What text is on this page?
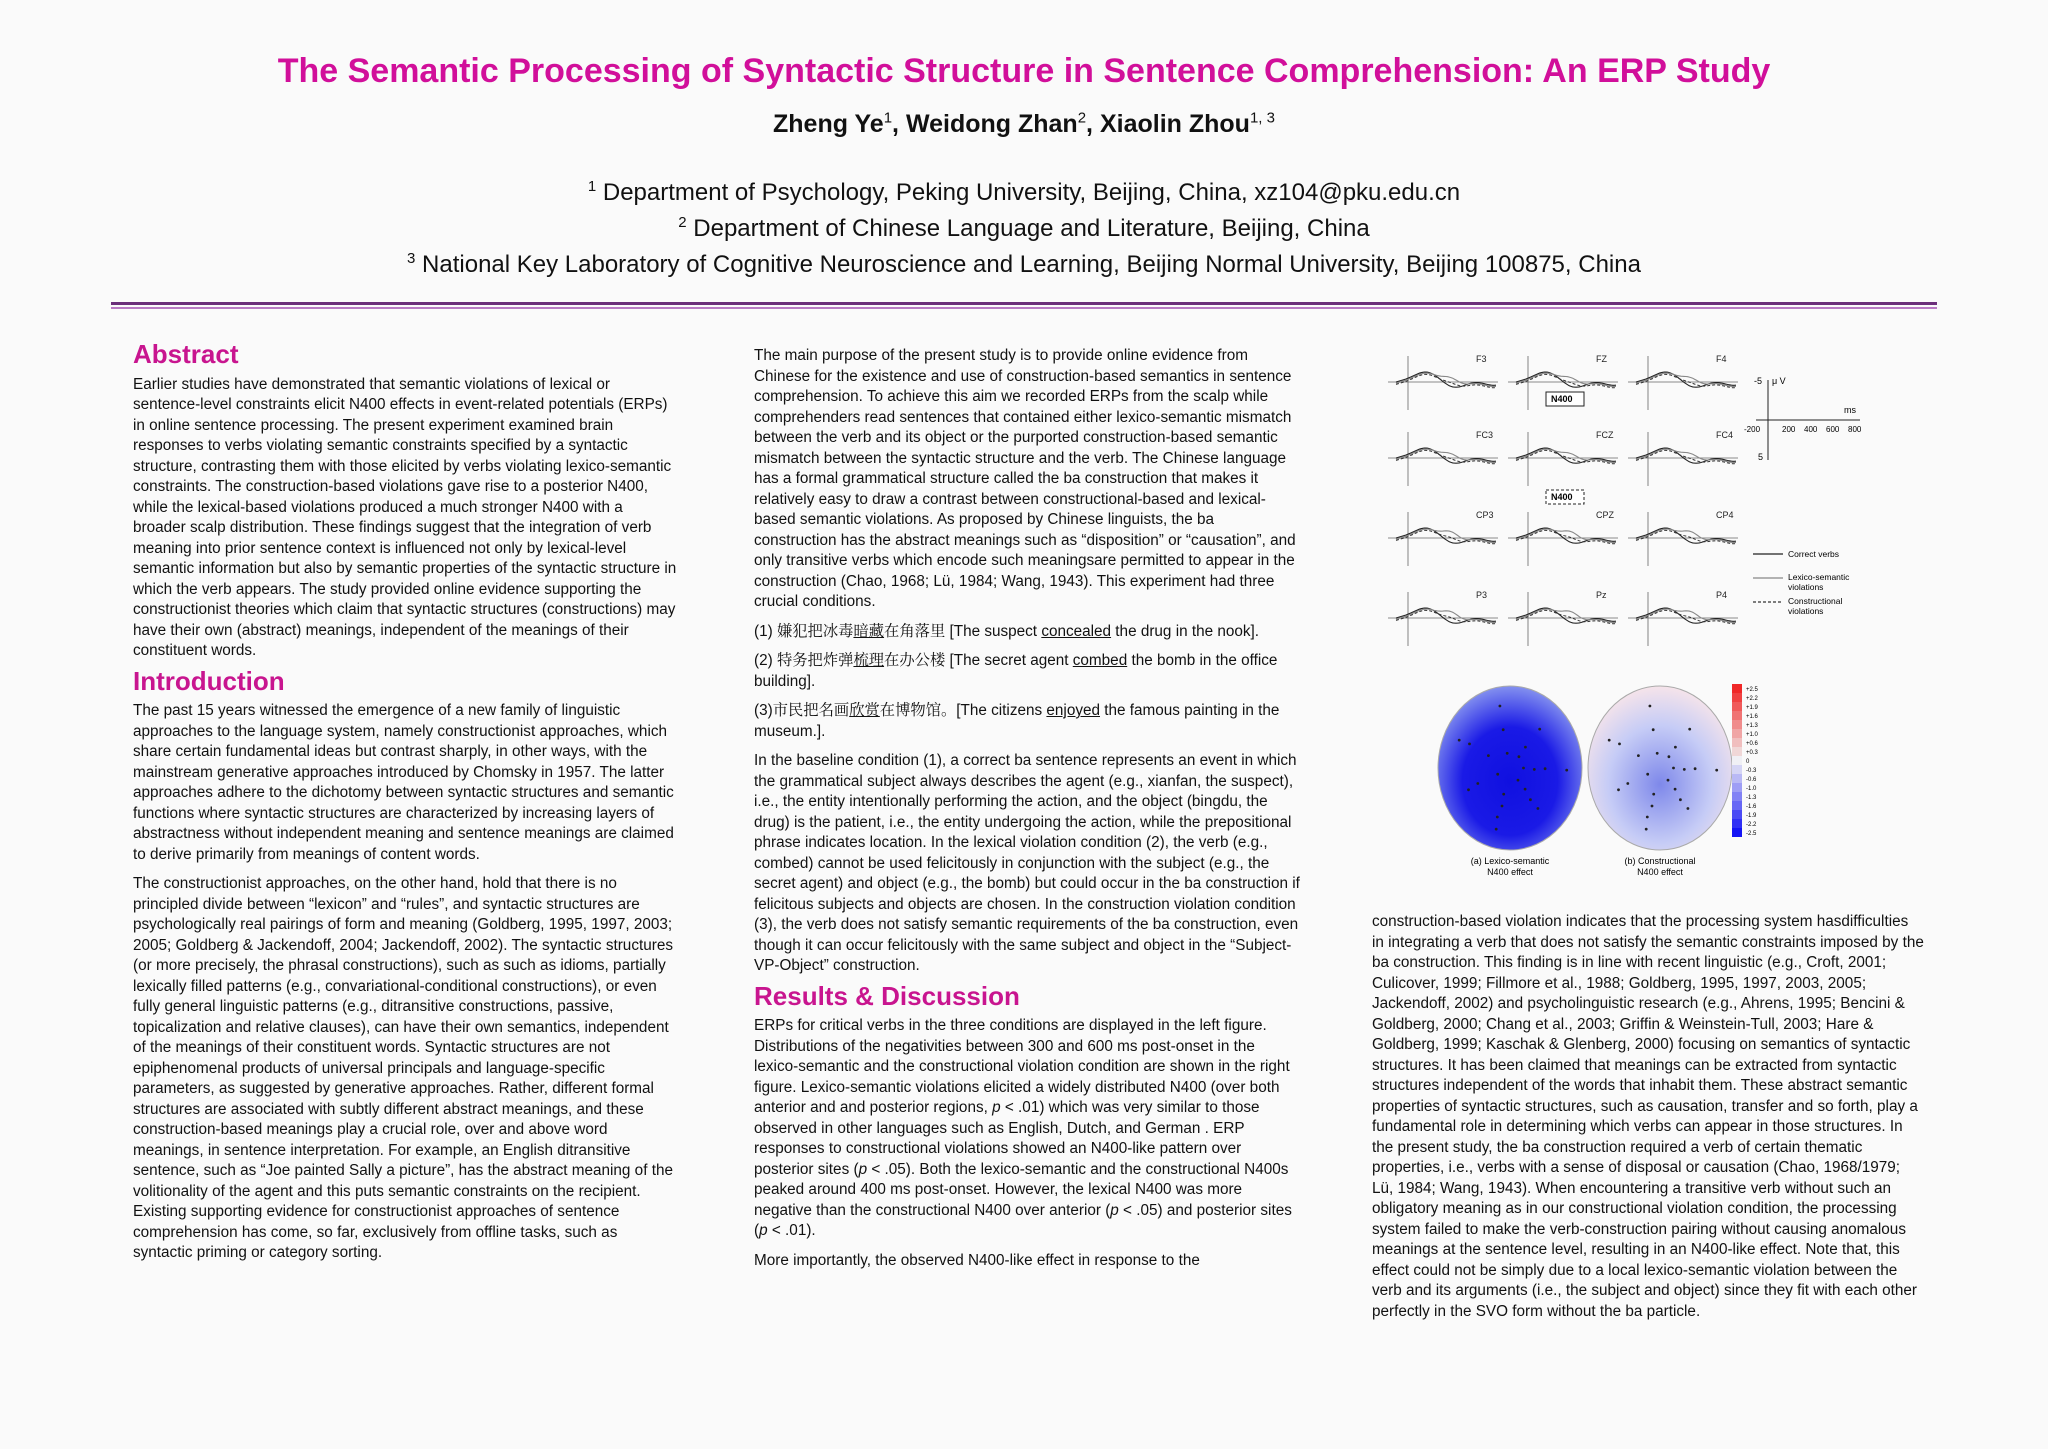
The Semantic Processing of Syntactic Structure in Sentence Comprehension: An ERP Study
Zheng Ye$^1$, Weidong Zhan$^2$, Xiaolin Zhou$^{1, 3}$
$^1$ Department of Psychology, Peking University, Beijing, China, xz104@pku.edu.cn
$^2$ Department of Chinese Language and Literature, Beijing, China
$^3$ National Key Laboratory of Cognitive Neuroscience and Learning, Beijing Normal University, Beijing 100875, China
Abstract

Earlier studies have demonstrated that semantic violations of lexical or sentence-level constraints elicit N400 effects in event-related potentials (ERPs) in online sentence processing. The present experiment examined brain responses to verbs violating semantic constraints specified by a syntactic structure, contrasting them with those elicited by verbs violating lexico-semantic constraints. The construction-based violations gave rise to a posterior N400, while the lexical-based violations produced a much stronger N400 with a broader scalp distribution. These findings suggest that the integration of verb meaning into prior sentence context is influenced not only by lexical-level semantic information but also by semantic properties of the syntactic structure in which the verb appears. The study provided online evidence supporting the constructionist theories which claim that syntactic structures (constructions) may have their own (abstract) meanings, independent of the meanings of their constituent words.

Introduction

The past 15 years witnessed the emergence of a new family of linguistic approaches to the language system, namely constructionist approaches, which share certain fundamental ideas but contrast sharply, in other ways, with the mainstream generative approaches introduced by Chomsky in 1957. The latter approaches adhere to the dichotomy between syntactic structures and semantic functions where syntactic structures are characterized by increasing layers of abstractness without independent meaning and sentence meanings are claimed to derive primarily from meanings of content words.

The constructionist approaches, on the other hand, hold that there is no principled divide between “lexicon” and “rules”, and syntactic structures are psychologically real pairings of form and meaning (Goldberg, 1995, 1997, 2003; 2005; Goldberg & Jackendoff, 2004; Jackendoff, 2002). The syntactic structures (or more precisely, the phrasal constructions), such as such as idioms, partially lexically filled patterns (e.g., convariational-conditional constructions), or even fully general linguistic patterns (e.g., ditransitive constructions, passive, topicalization and relative clauses), can have their own semantics, independent of the meanings of their constituent words. Syntactic structures are not epiphenomenal products of universal principals and language-specific parameters, as suggested by generative approaches. Rather, different formal structures are associated with subtly different abstract meanings, and these construction-based meanings play a crucial role, over and above word meanings, in sentence interpretation. For example, an English ditransitive sentence, such as “Joe painted Sally a picture”, has the abstract meaning of the volitionality of the agent and this puts semantic constraints on the recipient. Existing supporting evidence for constructionist approaches of sentence comprehension has come, so far, exclusively from offline tasks, such as syntactic priming or category sorting.

The main purpose of the present study is to provide online evidence from Chinese for the existence and use of construction-based semantics in sentence comprehension. To achieve this aim we recorded ERPs from the scalp while comprehenders read sentences that contained either lexico-semantic mismatch between the verb and its object or the purported construction-based semantic mismatch between the syntactic structure and the verb. The Chinese language has a formal grammatical structure called the ba construction that makes it relatively easy to draw a contrast between constructional-based and lexical-based semantic violations. As proposed by Chinese linguists, the ba construction has the abstract meanings such as “disposition” or “causation”, and only transitive verbs which encode such meaningsare permitted to appear in the construction (Chao, 1968; Lü, 1984; Wang, 1943). This experiment had three crucial conditions.

(1) 嫌犯把冰毒暗藏在角落里 [The suspect concealed the drug in the nook].

(2) 特务把炸弹梳理在办公楼 [The secret agent combed the bomb in the office building].

(3)市民把名画欣赏在博物馆。[The citizens enjoyed the famous painting in the museum.].

In the baseline condition (1), a correct ba sentence represents an event in which the grammatical subject always describes the agent (e.g., xianfan, the suspect), i.e., the entity intentionally performing the action, and the object (bingdu, the drug) is the patient, i.e., the entity undergoing the action, while the prepositional phrase indicates location. In the lexical violation condition (2), the verb (e.g., combed) cannot be used felicitously in conjunction with the subject (e.g., the secret agent) and object (e.g., the bomb) but could occur in the ba construction if felicitous subjects and objects are chosen. In the construction violation condition (3), the verb does not satisfy semantic requirements of the ba construction, even though it can occur felicitously with the same subject and object in the “Subject-VP-Object” construction.

Results & Discussion

ERPs for critical verbs in the three conditions are displayed in the left figure. Distributions of the negativities between 300 and 600 ms post-onset in the lexico-semantic and the constructional violation condition are shown in the right figure. Lexico-semantic violations elicited a widely distributed N400 (over both anterior and and posterior regions, p < .01) which was very similar to those observed in other languages such as English, Dutch, and German . ERP responses to constructional violations showed an N400-like pattern over posterior sites (p < .05). Both the lexico-semantic and the constructional N400s peaked around 400 ms post-onset. However, the lexical N400 was more negative than the constructional N400 over anterior (p < .05) and posterior sites (p < .01).

More importantly, the observed N400-like effect in response to the

F3	FZ	F4
FC3	FCZ	FC4
CP3	CPZ	CP4
P3	Pz	P4
N400
N400
-5 μ V
5
ms
-200	200 400 600 800
Correct verbs
Lexico-semantic
violations
Constructional
violations
(a) Lexico-semantic
N400 effect
(b) Constructional
N400 effect
+2.5
+2.2
+1.9
+1.6
+1.3
+1.0
+0.6
+0.3
0
-0.3
-0.6
-1.0
-1.3
-1.6
-1.9
-2.2
-2.5

construction-based violation indicates that the processing system hasdifficulties in integrating a verb that does not satisfy the semantic constraints imposed by the ba construction. This finding is in line with recent linguistic (e.g., Croft, 2001; Culicover, 1999; Fillmore et al., 1988; Goldberg, 1995, 1997, 2003, 2005; Jackendoff, 2002) and psycholinguistic research (e.g., Ahrens, 1995; Bencini & Goldberg, 2000; Chang et al., 2003; Griffin & Weinstein-Tull, 2003; Hare & Goldberg, 1999; Kaschak & Glenberg, 2000) focusing on semantics of syntactic structures. It has been claimed that meanings can be extracted from syntactic structures independent of the words that inhabit them. These abstract semantic properties of syntactic structures, such as causation, transfer and so forth, play a fundamental role in determining which verbs can appear in those structures. In the present study, the ba construction required a verb of certain thematic properties, i.e., verbs with a sense of disposal or causation (Chao, 1968/1979; Lü, 1984; Wang, 1943). When encountering a transitive verb without such an obligatory meaning as in our constructional violation condition, the processing system failed to make the verb-construction pairing without causing anomalous meanings at the sentence level, resulting in an N400-like effect. Note that, this effect could not be simply due to a local lexico-semantic violation between the verb and its arguments (i.e., the subject and object) since they fit with each other perfectly in the SVO form without the ba particle.
